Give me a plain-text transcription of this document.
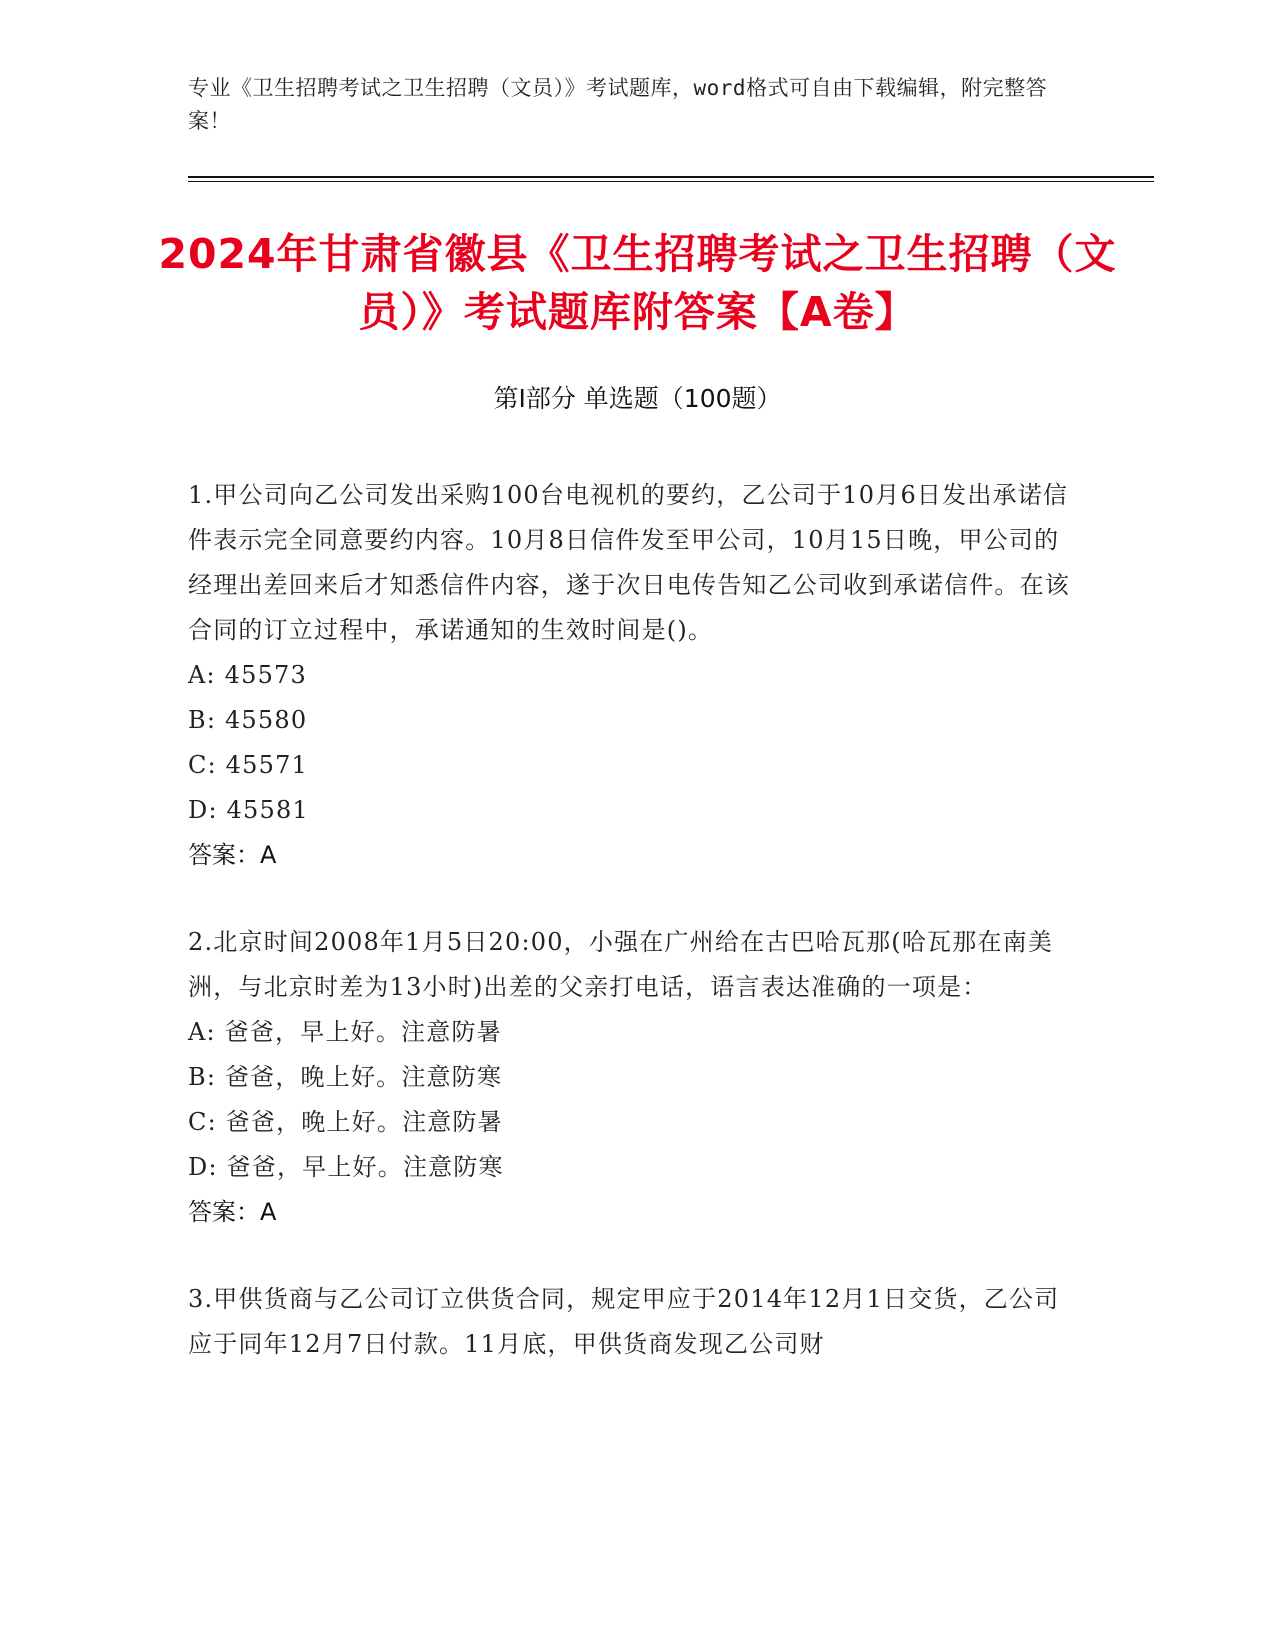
专业《卫生招聘考试之卫生招聘（文员）》考试题库，word格式可自由下载编辑，附完整答案！
2024年甘肃省徽县《卫生招聘考试之卫生招聘（文员）》考试题库附答案【A卷】
第Ⅰ部分 单选题（100题）
1.甲公司向乙公司发出采购100台电视机的要约，乙公司于10月6日发出承诺信件表示完全同意要约内容。10月8日信件发至甲公司，10月15日晚，甲公司的经理出差回来后才知悉信件内容，遂于次日电传告知乙公司收到承诺信件。在该合同的订立过程中，承诺通知的生效时间是()。
A: 45573
B: 45580
C: 45571
D: 45581
答案：A
2.北京时间2008年1月5日20:00，小强在广州给在古巴哈瓦那(哈瓦那在南美洲，与北京时差为13小时)出差的父亲打电话，语言表达准确的一项是：
A: 爸爸，早上好。注意防暑
B: 爸爸，晚上好。注意防寒
C: 爸爸，晚上好。注意防暑
D: 爸爸，早上好。注意防寒
答案：A
3.甲供货商与乙公司订立供货合同，规定甲应于2014年12月1日交货，乙公司应于同年12月7日付款。11月底，甲供货商发现乙公司财
